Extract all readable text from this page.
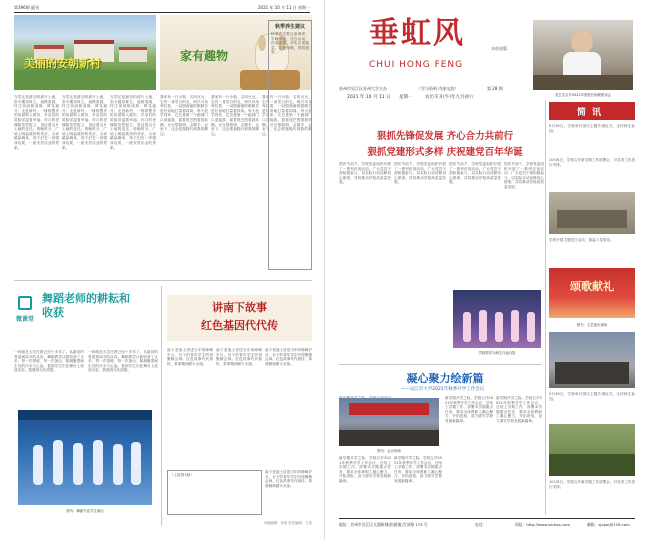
第396期 副刊	2021 年 10 月 11 日 星期一
美丽的安朝新村
家有趣物
当然还是最初的那片土地，如今楼房林立，道路宽阔，村庄里绿树成荫，鲜花盛开。走进新村，一排排整齐的房屋映入眼帘，乡亲们的笑脸洋溢着幸福。村口的老槐树依然挺立，见证着这片土地的变迁。傍晚时分，广场上响起欢快的音乐，大家跳起舞来，孩子们在一旁嬉戏玩耍，一派安居乐业的景象。
当然还是最初的那片土地，如今楼房林立，道路宽阔，村庄里绿树成荫，鲜花盛开。走进新村，一排排整齐的房屋映入眼帘，乡亲们的笑脸洋溢着幸福。村口的老槐树依然挺立，见证着这片土地的变迁。傍晚时分，广场上响起欢快的音乐，大家跳起舞来，孩子们在一旁嬉戏玩耍，一派安居乐业的景象。
当然还是最初的那片土地，如今楼房林立，道路宽阔，村庄里绿树成荫，鲜花盛开。走进新村，一排排整齐的房屋映入眼帘，乡亲们的笑脸洋溢着幸福。村口的老槐树依然挺立，见证着这片土地的变迁。傍晚时分，广场上响起欢快的音乐，大家跳起舞来，孩子们在一旁嬉戏玩耍，一派安居乐业的景象。
我家有一只小狗，名叫豆豆。它有一身雪白的毛，两只耳朵耷拉着，一双圆溜溜的眼睛总是好奇地打量着四周。每天放学回家，它总是第一个跑到门口迎接我，摇着尾巴围着我转圈。豆豆很聪明，会握手，会坐下，还会把拖鞋叼到我的脚边。
我家有一只小狗，名叫豆豆。它有一身雪白的毛，两只耳朵耷拉着，一双圆溜溜的眼睛总是好奇地打量着四周。每天放学回家，它总是第一个跑到门口迎接我，摇着尾巴围着我转圈。豆豆很聪明，会握手，会坐下，还会把拖鞋叼到我的脚边。
我家有一只小狗，名叫豆豆。它有一身雪白的毛，两只耳朵耷拉着，一双圆溜溜的眼睛总是好奇地打量着四周。每天放学回家，它总是第一个跑到门口迎接我，摇着尾巴围着我转圈。豆豆很聪明，会握手，会坐下，还会把拖鞋叼到我的脚边。
秋季养生建议
秋季养生要注意调养，早睡早起，适当运动，饮食清淡，多吃水果蔬菜，注意保暖，预防感冒。
舞蹈老师的耕耘和收获
微课堂
一转眼在大学任教已经十多年了。从最初的青涩到如今的从容，舞蹈教学让我收获了太多。每一次排练，每一次演出，都凝聚着师生们的汗水与心血。看到学生们在舞台上绽放光彩，我感到无比欣慰。
一转眼在大学任教已经十多年了。从最初的青涩到如今的从容，舞蹈教学让我收获了太多。每一次排练，每一次演出，都凝聚着师生们的汗水与心血。看到学生们在舞台上绽放光彩，我感到无比欣慰。
图为：舞蹈专业学生演出
讲南下故事
红色基因代代传
南下老战士讲述当年的峥嵘岁月，台下的青年学生听得聚精会神。红色故事代代相传，革命精神薪火永续。
南下老战士讲述当年的峥嵘岁月，台下的青年学生听得聚精会神。红色故事代代相传，革命精神薪火永续。
南下老战士讲述当年的峥嵘岁月，台下的青年学生听得聚精会神。红色故事代代相传，革命精神薪火永续。
（上接第1版）
南下老战士讲述当年的峥嵘岁月，台下的青年学生听得聚精会神。红色故事代代相传，革命精神薪火永续。
本版编辑：李某 责任编辑：王某
垂虹风	水杉首版
CHUI HONG FENG
苏州市吴江区苏州大学主办	（学习资料 内部交流）	第 28 期
2021 年 10 月 11 日 星期一	农历辛丑(牛)年九月初六	党总支召开2021年度校长助理座谈会
狠抓先锋促发展 齐心合力共前行
狠抓党建形式多样 庆祝建党百年华诞
国庆节前夕，学校党委组织开展了一系列庆祝活动，广大党员干部积极参与，以实际行动诠释初心使命，共同推动学校高质量发展。
国庆节前夕，学校党委组织开展了一系列庆祝活动，广大党员干部积极参与，以实际行动诠释初心使命，共同推动学校高质量发展。
国庆节前夕，学校党委组织开展了一系列庆祝活动，广大党员干部积极参与，以实际行动诠释初心使命，共同推动学校高质量发展。
国庆节前夕，学校党委组织开展了一系列庆祝活动，广大党员干部积极参与，以实际行动诠释初心使命，共同推动学校高质量发展。
学校领导与师生代表合影
简讯
9月30日，学校举行国庆主题升旗仪式，全体师生参加。
10月8日，学校召开新学期工作部署会，对各项工作进行安排。
学校开展主题党日活动，重温入党誓词。
颂歌献礼
图为：文艺演出现场
9月30日，学校举行国庆主题升旗仪式，全体师生参加。
10月8日，学校召开新学期工作部署会，对各项工作进行安排。
凝心聚力绘新篇
——吴江市大学2021年秋季开学工作会议
图为：会议现场
新学期开学之际，学校召开2021年秋季开学工作会议，总结上学期工作，部署本学期重点任务，要求全体教职工凝心聚力，开拓进取，奋力谱写学校发展新篇章。
新学期开学之际，学校召开2021年秋季开学工作会议，总结上学期工作，部署本学期重点任务，要求全体教职工凝心聚力，开拓进取，奋力谱写学校发展新篇章。
新学期开学之际，学校召开2021年秋季开学工作会议，总结上学期工作，部署本学期重点任务，要求全体教职工凝心聚力，开拓进取，奋力谱写学校发展新篇章。
新学期开学之际，学校召开2021年秋季开学工作会议，总结上学期工作，部署本学期重点任务，要求全体教职工凝心聚力，开拓进取，奋力谱写学校发展新篇章。
地址：苏州市吴江区太湖新城(松陵镇)笠泽路 173 号	电话：	网址：http://www.sxdsss.com	邮箱：sjxpai@126.com
